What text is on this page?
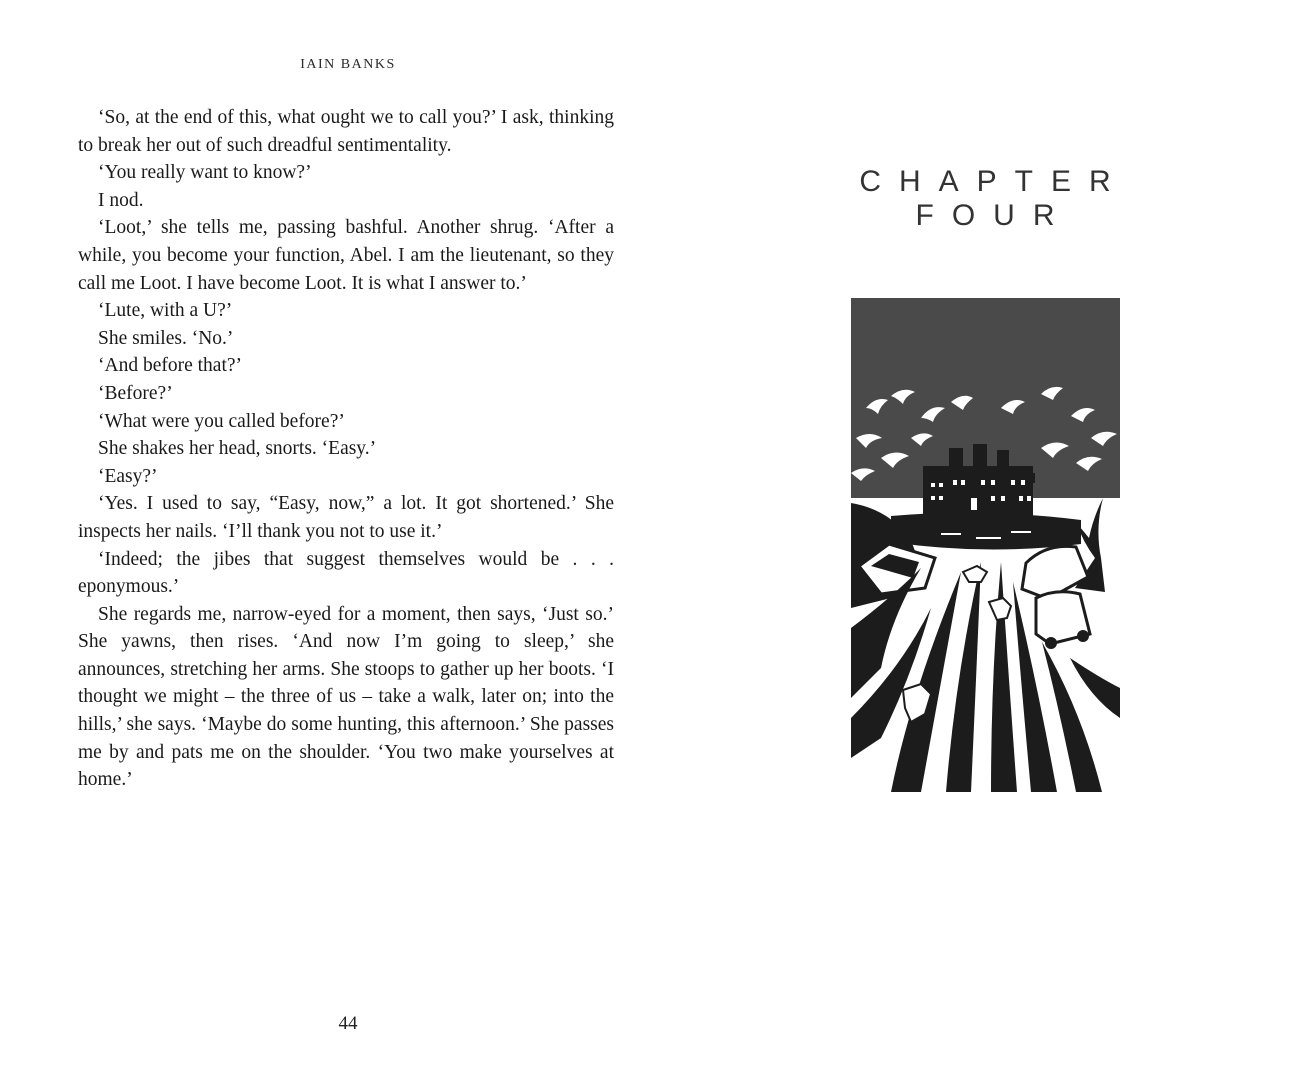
IAIN BANKS

‘So, at the end of this, what ought we to call you?’ I ask, thinking to break her out of such dreadful sentimentality.

‘You really want to know?’

I nod.

‘Loot,’ she tells me, passing bashful. Another shrug. ‘After a while, you become your function, Abel. I am the lieutenant, so they call me Loot. I have become Loot. It is what I answer to.’

‘Lute, with a U?’

She smiles. ‘No.’

‘And before that?’

‘Before?’

‘What were you called before?’

She shakes her head, snorts. ‘Easy.’

‘Easy?’

‘Yes. I used to say, “Easy, now,” a lot. It got shortened.’ She inspects her nails. ‘I’ll thank you not to use it.’

‘Indeed; the jibes that suggest themselves would be . . . eponymous.’

She regards me, narrow-eyed for a moment, then says, ‘Just so.’ She yawns, then rises. ‘And now I’m going to sleep,’ she announces, stretching her arms. She stoops to gather up her boots. ‘I thought we might – the three of us – take a walk, later on; into the hills,’ she says. ‘Maybe do some hunting, this afternoon.’ She passes me by and pats me on the shoulder. ‘You two make yourselves at home.’

44
CHAPTER
FOUR
